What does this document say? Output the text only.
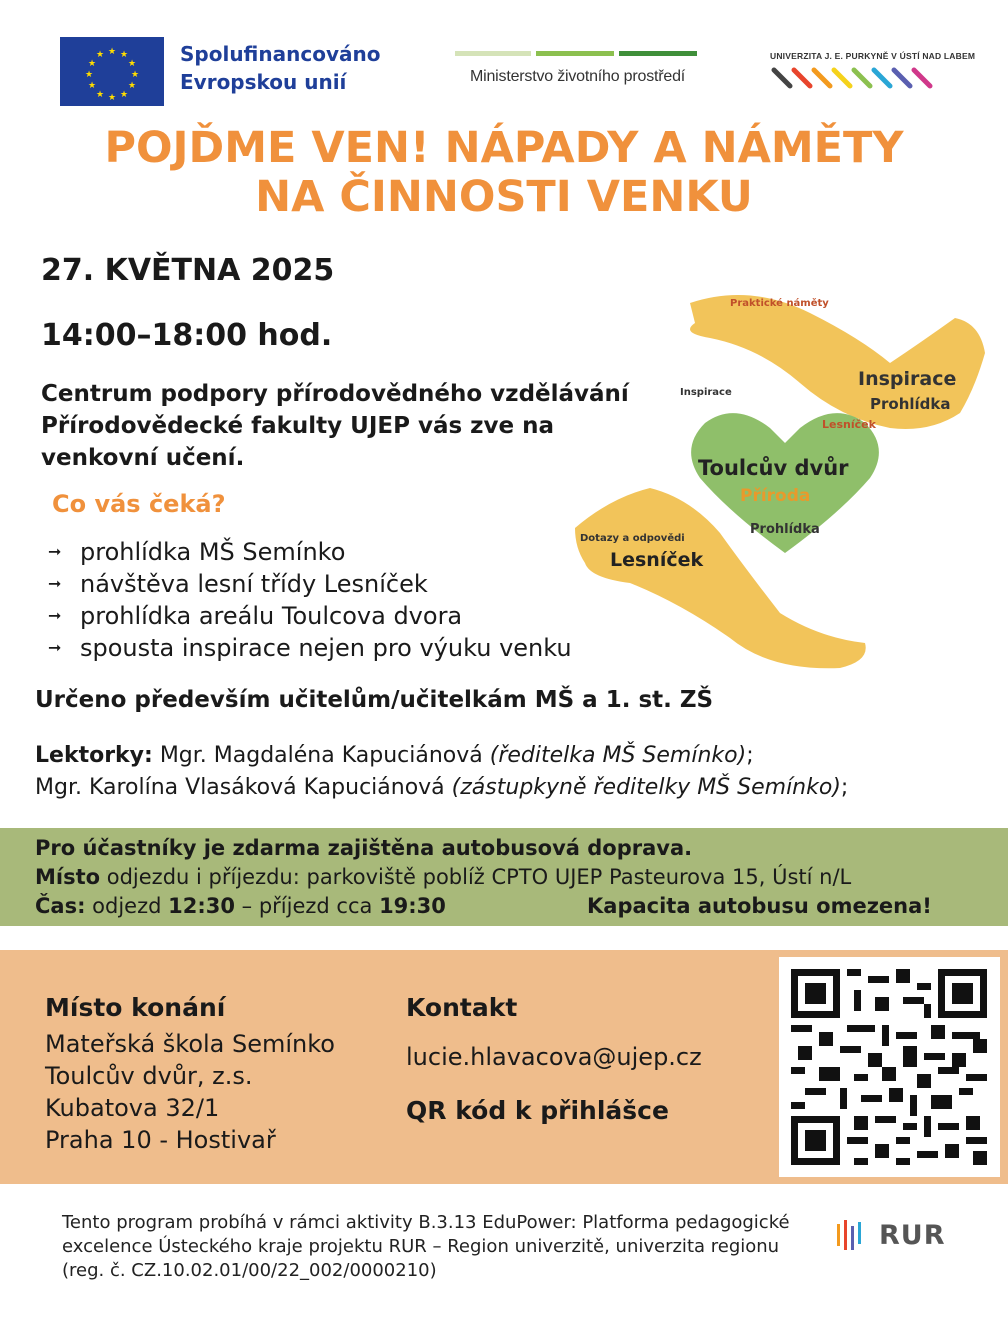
★ ★
★
★
★
★
★
★
★
★
★
★	Spolufinancováno
Evropskou unií	Ministerstvo životního prostředí
UNIVERZITA J. E. PURKYNĚ V ÚSTÍ NAD LABEM
POJĎME VEN! NÁPADY A NÁMĚTY
NA ČINNOSTI VENKU
27. KVĚTNA 2025
14:00–18:00 hod.
Centrum podpory přírodovědného vzdělávání
Přírodovědecké fakulty UJEP vás zve na
venkovní učení.
Co vás čeká?
➞ prohlídka MŠ Semínko
➞ návštěva lesní třídy Lesníček
➞ prohlídka areálu Toulcova dvora
➞ spousta inspirace nejen pro výuku venku
Praktické náměty
Inspirace
Prohlídka
Lesníček
Toulcův dvůr
Příroda
Dotazy a odpovědi
Inspirace
Prohlídka
Lesníček
Určeno především učitelům/učitelkám MŠ a 1. st. ZŠ
Lektorky: Mgr. Magdaléna Kapuciánová (ředitelka MŠ Semínko);
Mgr. Karolína Vlasáková Kapuciánová (zástupkyně ředitelky MŠ Semínko);
Pro účastníky je zdarma zajištěna autobusová doprava.
Místo odjezdu i příjezdu: parkoviště poblíž CPTO UJEP Pasteurova 15, Ústí n/L
Čas: odjezd 12:30 – příjezd cca 19:30	Kapacita autobusu omezena!
Místo konání
Mateřská škola Semínko
Toulcův dvůr, z.s.
Kubatova 32/1
Praha 10 - Hostivař
Kontakt
lucie.hlavacova@ujep.cz
QR kód k přihlášce
Tento program probíhá v rámci aktivity B.3.13 EduPower: Platforma pedagogické excelence Ústeckého kraje projektu RUR – Region univerzitě, univerzita regionu (reg. č. CZ.10.02.01/00/22_002/0000210)
RUR
